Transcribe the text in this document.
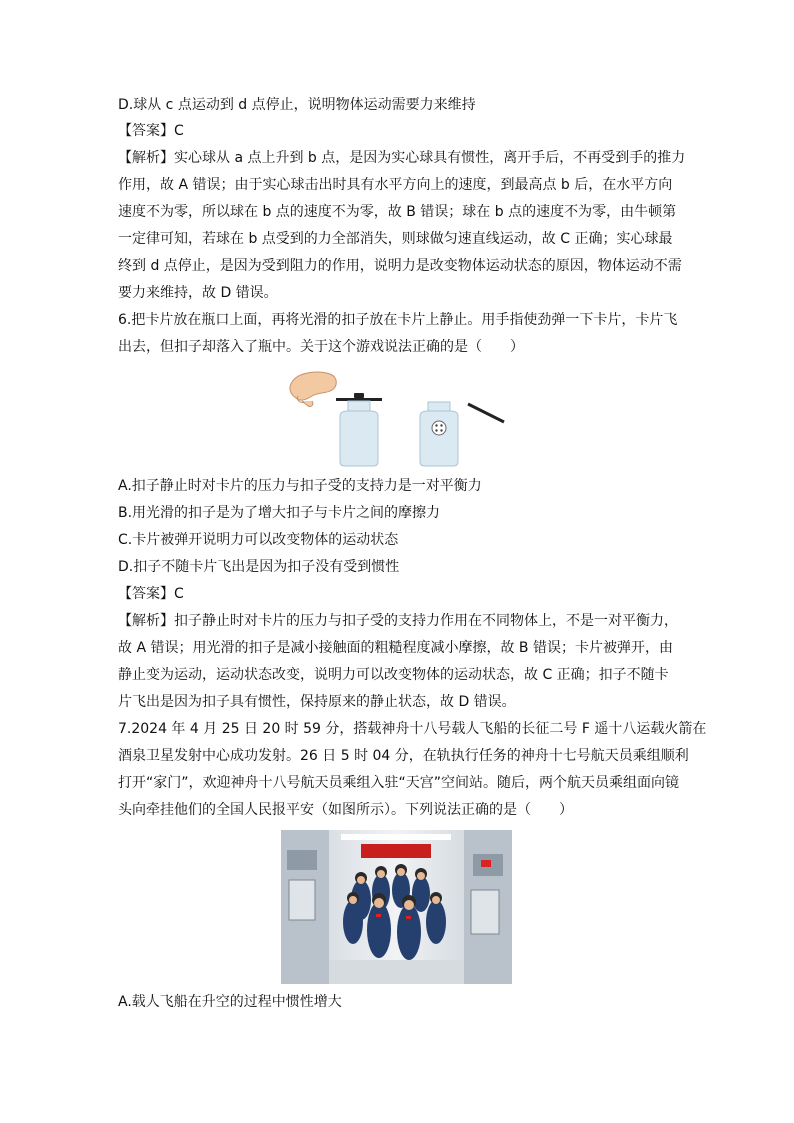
D.球从 c 点运动到 d 点停止，说明物体运动需要力来维持
【答案】C
【解析】实心球从 a 点上升到 b 点，是因为实心球具有惯性，离开手后，不再受到手的推力
作用，故 A 错误；由于实心球击出时具有水平方向上的速度，到最高点 b 后，在水平方向
速度不为零，所以球在 b 点的速度不为零，故 B 错误；球在 b 点的速度不为零，由牛顿第
一定律可知，若球在 b 点受到的力全部消失，则球做匀速直线运动，故 C 正确；实心球最
终到 d 点停止，是因为受到阻力的作用，说明力是改变物体运动状态的原因，物体运动不需
要力来维持，故 D 错误。
6.把卡片放在瓶口上面，再将光滑的扣子放在卡片上静止。用手指使劲弹一下卡片，卡片飞
出去，但扣子却落入了瓶中。关于这个游戏说法正确的是（　　）
A.扣子静止时对卡片的压力与扣子受的支持力是一对平衡力
B.用光滑的扣子是为了增大扣子与卡片之间的摩擦力
C.卡片被弹开说明力可以改变物体的运动状态
D.扣子不随卡片飞出是因为扣子没有受到惯性
【答案】C
【解析】扣子静止时对卡片的压力与扣子受的支持力作用在不同物体上，不是一对平衡力，
故 A 错误；用光滑的扣子是减小接触面的粗糙程度减小摩擦，故 B 错误；卡片被弹开，由
静止变为运动，运动状态改变，说明力可以改变物体的运动状态，故 C 正确；扣子不随卡
片飞出是因为扣子具有惯性，保持原来的静止状态，故 D 错误。
7.2024 年 4 月 25 日 20 时 59 分，搭载神舟十八号载人飞船的长征二号 F 遥十八运载火箭在
酒泉卫星发射中心成功发射。26 日 5 时 04 分，在轨执行任务的神舟十七号航天员乘组顺利
打开“家门”，欢迎神舟十八号航天员乘组入驻“天宫”空间站。随后，两个航天员乘组面向镜
头向牵挂他们的全国人民报平安（如图所示）。下列说法正确的是（　　）
A.载人飞船在升空的过程中惯性增大
